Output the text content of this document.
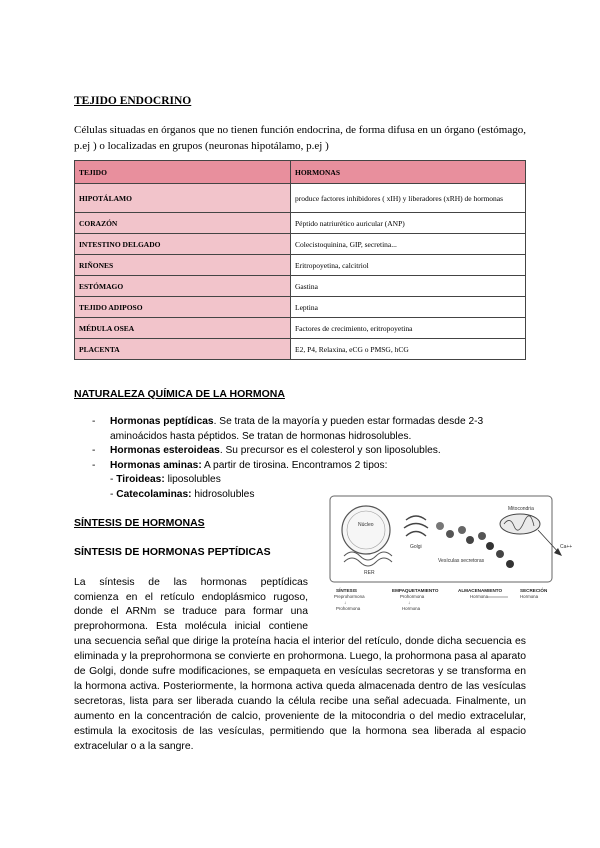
TEJIDO ENDOCRINO
Células situadas en órganos que no tienen función endocrina, de forma difusa en un órgano (estómago, p.ej ) o localizadas en grupos (neuronas hipotálamo, p.ej )
TEJIDO	HORMONAS
HIPOTÁLAMO	produce factores inhibidores ( xIH) y liberadores (xRH) de hormonas
CORAZÓN	Péptido natriurético auricular (ANP)
INTESTINO DELGADO	Colecistoquinina, GIP, secretina...
RIÑONES	Eritropoyetina, calcitriol
ESTÓMAGO	Gastina
TEJIDO ADIPOSO	Leptina
MÉDULA OSEA	Factores de crecimiento, eritropoyetina
PLACENTA	E2, P4, Relaxina, eCG o PMSG, hCG
NATURALEZA QUÍMICA DE LA HORMONA
- Hormonas peptídicas. Se trata de la mayoría y pueden estar formadas desde 2-3 aminoácidos hasta péptidos. Se tratan de hormonas hidrosolubles.
- Hormonas esteroideas. Su precursor es el colesterol y son liposolubles.
- Hormonas aminas: A partir de tirosina. Encontramos 2 tipos:
- Tiroideas: liposolubles
- Catecolaminas: hidrosolubles
SÍNTESIS DE HORMONAS
SÍNTESIS DE HORMONAS PEPTÍDICAS
La síntesis de las hormonas peptídicas
comienza en el retículo endoplásmico rugoso,
donde el ARNm se traduce para formar una
preprohormona. Esta molécula inicial contiene
una secuencia señal que dirige la proteína hacia el interior del retículo, donde dicha secuencia es eliminada y la preprohormona se convierte en prohormona. Luego, la prohormona pasa al aparato de Golgi, donde sufre modificaciones, se empaqueta en vesículas secretoras y se transforma en la hormona activa. Posteriormente, la hormona activa queda almacenada dentro de las vesículas secretoras, lista para ser liberada cuando la célula recibe una señal adecuada. Finalmente, un aumento en la concentración de calcio, proveniente de la mitocondria o del medio extracelular, estimula la exocitosis de las vesículas, permitiendo que la hormona sea liberada al espacio extracelular o a la sangre.
Núcleo
RER
Golgi
Vesículas secretoras
Mitocondria
Ca++
SÍNTESIS
Preprohormona
↓
Prohormona
EMPAQUETAMIENTO
Prohormona
↓
Hormona
ALMACENAMIENTO
Hormona
SECRECIÓN
Hormona
